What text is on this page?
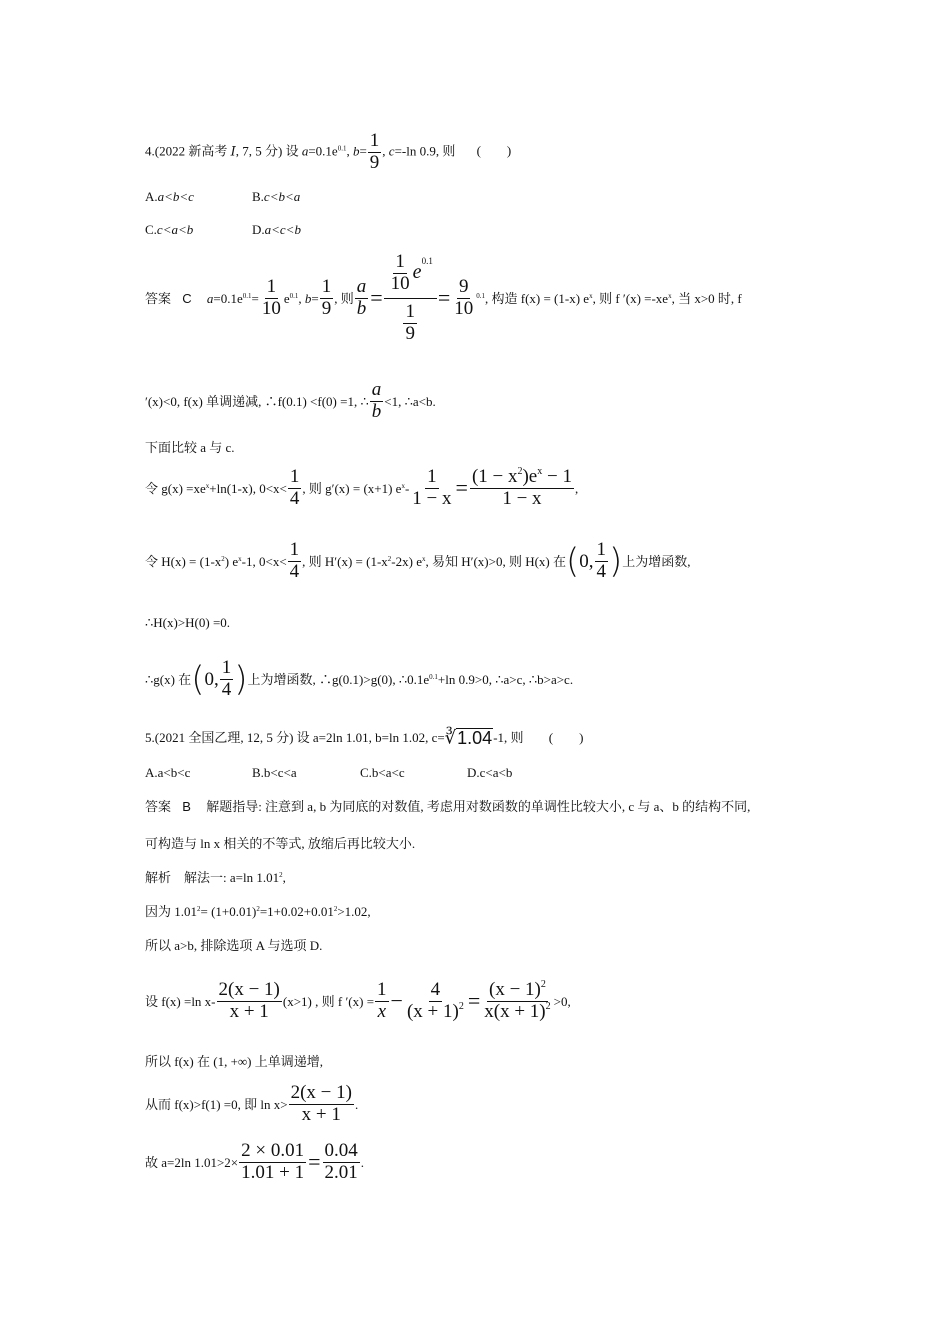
4.(2022 新高考 Ⅰ, 7, 5 分) 设 $a=0.1e^{0.1}$, $b= \frac{1}{9}$ , c=-ln 0.9, 则 (　　)
A.a<b<c	B.c<b<a
C.c<a<b	D.a<c<b
答案 C $a=0.1e^{0.1}= \frac{1}{10} e^{0.1}$, $b= \frac{1}{9}$ , 则 $\frac{a}{b} = \frac{\frac{1}{10} e^{0.1}}{\frac{1}{9}} = \frac{9}{10} ^{0.1}$, 构造 f(x) = (1-x) $e^x$, 则 f $'(x) =-xe^x$, 当 x>0 时, f
′(x)<0, f(x) 单调递减, ∴f(0.1) <f(0) =1, ∴ $\frac{a}{b} <1$, ∴a<b.
下面比较 a 与 c.
令 $g(x) =xe^x+\ln(1-x)$, $0<x< \frac{1}{4}$ , 则 g′(x) = (x+1) $e^x- \frac{1}{1 - x} = \frac{(1 - x^2)e^x - 1}{1 - x}$ ,
令 $H(x) = (1-x^2)$ $e^x-1$, $0<x< \frac{1}{4}$ , 则 $H'(x) = (1-x^2-2x)$ $e^x$, 易知 H′(x)>0, 则 H(x) 在(0, $\frac{1}{4}$ )上为增函数,
∴H(x)>H(0) =0.
∴g(x) 在(0, $\frac{1}{4}$ )上为增函数, ∴g(0.1)>g(0), $\therefore 0.1e^{0.1}+\ln$ 0.9>0, ∴a>c, ∴b>a>c.
5.(2021 全国乙理, 12, 5 分) 设 a=2ln 1.01, b=ln 1.02, c=∛1.04-1, 则 (　　)
A.a<b<c	B.b<c<a	C.b<a<c	D.c<a<b
答案 B 解题指导: 注意到 a, b 为同底的对数值, 考虑用对数函数的单调性比较大小, c 与 a、b 的结构不同,
可构造与 ln x 相关的不等式, 放缩后再比较大小.
解析　解法一: a=ln 1.01$^2$,
因为 $1.01^2= (1+0.01)^2=1+0.02+0.01^2>1.02$,
所以 a>b, 排除选项 A 与选项 D.
设 f(x) =ln $x- \frac{2(x - 1)}{x + 1} (x>1)$ , 则 f $'(x) = \frac{1}{x} - \frac{4}{(x + 1)^2} = \frac{(x - 1)^2}{x(x + 1)^2} >0$,
所以 f(x) 在 (1, +∞) 上单调递增,
从而 f(x)>f(1) =0, 即 $\ln x> \frac{2(x - 1)}{x + 1}$ .
故 a=2ln $1.01>2\times \frac{2 \times 0.01}{1.01 + 1} = \frac{0.04}{2.01}$ .
